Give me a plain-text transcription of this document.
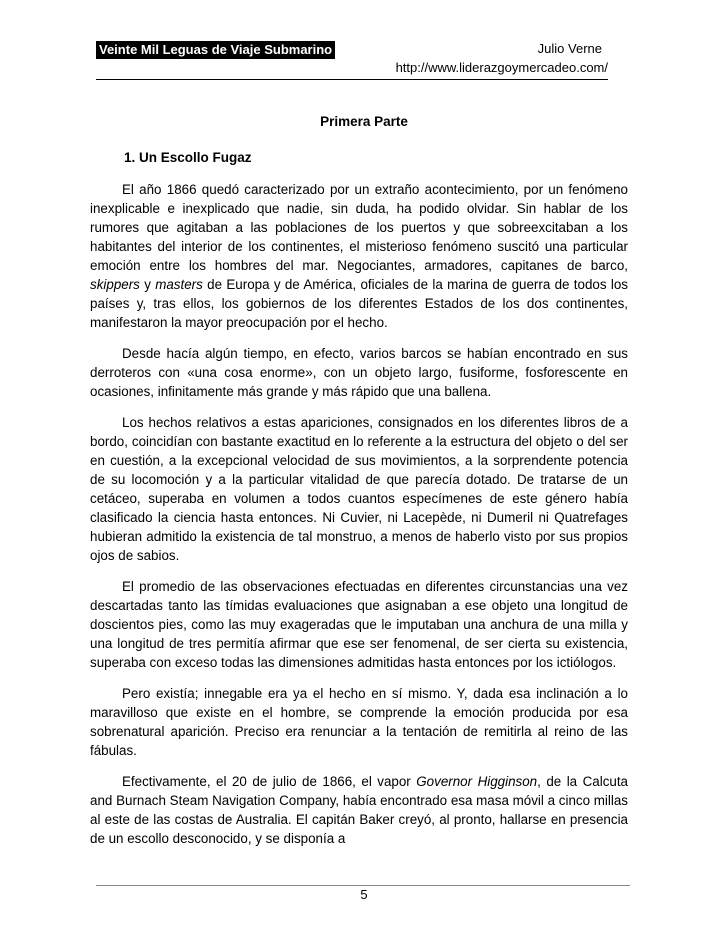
Veinte Mil Leguas de Viaje Submarino	Julio Verne
http://www.liderazgoymercadeo.com/
Primera Parte
1. Un Escollo Fugaz

El año 1866 quedó caracterizado por un extraño acontecimiento, por un fenómeno inexplicable e inexplicado que nadie, sin duda, ha podido olvidar. Sin hablar de los rumores que agitaban a las poblaciones de los puertos y que sobreexcitaban a los habitantes del interior de los continentes, el misterioso fenómeno suscitó una particular emoción entre los hombres del mar. Negociantes, armadores, capitanes de barco, skippers y masters de Europa y de América, oficiales de la marina de guerra de todos los países y, tras ellos, los gobiernos de los diferentes Estados de los dos continentes, manifestaron la mayor preocupación por el hecho.

Desde hacía algún tiempo, en efecto, varios barcos se habían encontrado en sus derroteros con «una cosa enorme», con un objeto largo, fusiforme, fosforescente en ocasiones, infinitamente más grande y más rápido que una ballena.

Los hechos relativos a estas apariciones, consignados en los diferentes libros de a bordo, coincidían con bastante exactitud en lo referente a la estructura del objeto o del ser en cuestión, a la excepcional velocidad de sus movimientos, a la sorprendente potencia de su locomoción y a la particular vitalidad de que parecía dotado. De tratarse de un cetáceo, superaba en volumen a todos cuantos especímenes de este género había clasificado la ciencia hasta entonces. Ni Cuvier, ni Lacepède, ni Dumeril ni Quatrefages hubieran admitido la existencia de tal monstruo, a menos de haberlo visto por sus propios ojos de sabios.

El promedio de las observaciones efectuadas en diferentes circunstancias una vez descartadas tanto las tímidas evaluaciones que asignaban a ese objeto una longitud de doscientos pies, como las muy exageradas que le imputaban una anchura de una milla y una longitud de tres permitía afirmar que ese ser fenomenal, de ser cierta su existencia, superaba con exceso todas las dimensiones admitidas hasta entonces por los ictiólogos.

Pero existía; innegable era ya el hecho en sí mismo. Y, dada esa inclinación a lo maravilloso que existe en el hombre, se comprende la emoción producida por esa sobrenatural aparición. Preciso era renunciar a la tentación de remitirla al reino de las fábulas.

Efectivamente, el 20 de julio de 1866, el vapor Governor Higginson, de la Calcuta and Burnach Steam Navigation Company, había encontrado esa masa móvil a cinco millas al este de las costas de Australia. El capitán Baker creyó, al pronto, hallarse en presencia de un escollo desconocido, y se disponía a

5
